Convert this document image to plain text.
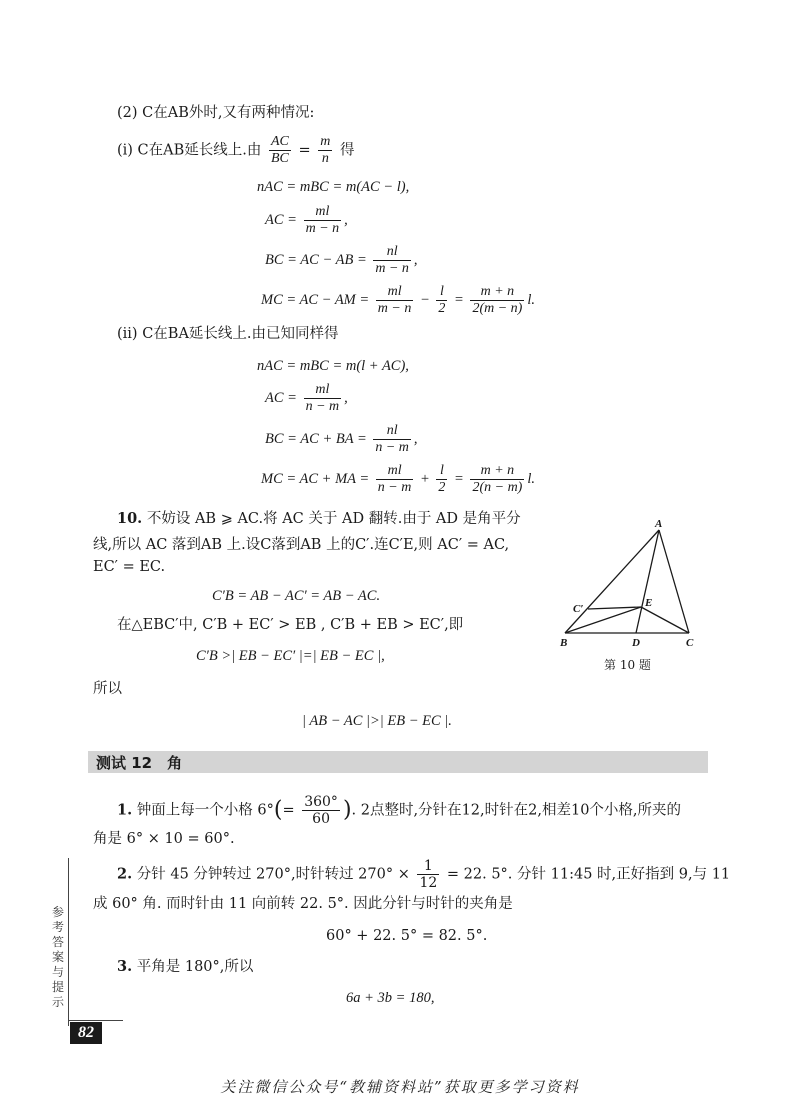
(2) C在AB外时,又有两种情况:
(i) C在AB延长线上.由 $\frac{AC}{BC} = \frac{m}{n}$ 得
nAC = mBC = m(AC − l),
AC = $\frac{ml}{m - n}$ ,
BC = AC − AB = $\frac{nl}{m - n}$ ,
MC = AC − AM = $\frac{ml}{m - n} - \frac{l}{2} = \frac{m + n}{2(m - n)} l$.
(ii) C在BA延长线上.由已知同样得
nAC = mBC = m(l + AC),
AC = $\frac{ml}{n - m}$ ,
BC = AC + BA = $\frac{nl}{n - m}$ ,
MC = AC + MA = $\frac{ml}{n - m} + \frac{l}{2} = \frac{m + n}{2(n - m)} l$.
10. 不妨设 AB ⩾ AC.将 AC 关于 AD 翻转.由于 AD 是角平分
线,所以 AC 落到AB 上.设C落到AB 上的C′.连C′E,则 AC′ = AC,
EC′ = EC.
C′B = AB − AC′ = AB − AC.
在△EBC′中, C′B + EC′ > EB , C′B + EB > EC′,即
C′B >| EB − EC′ |=| EB − EC |,
所以
| AB − AC |>| EB − EC |.
A
B	C
D
E
C′
第 10 题
测试 12　角
1. 钟面上每一个小格 $6^\circ(= \frac{360^\circ}{60}$ ). 2点整时,分针在12,时针在2,相差10个小格,所夹的
角是 6° × 10 = 60°.
2. 分针 45 分钟转过 270°,时针转过 $270^\circ \times \frac{1}{12} = 22$. 5°. 分针 11:45 时,正好指到 9,与 11
成 60° 角. 而时针由 11 向前转 22. 5°. 因此分针与时针的夹角是
60° + 22. 5° = 82. 5°.
3. 平角是 180°,所以
6a + 3b = 180,
参考答案与提示
82
关注微信公众号“教辅资料站”获取更多学习资料
